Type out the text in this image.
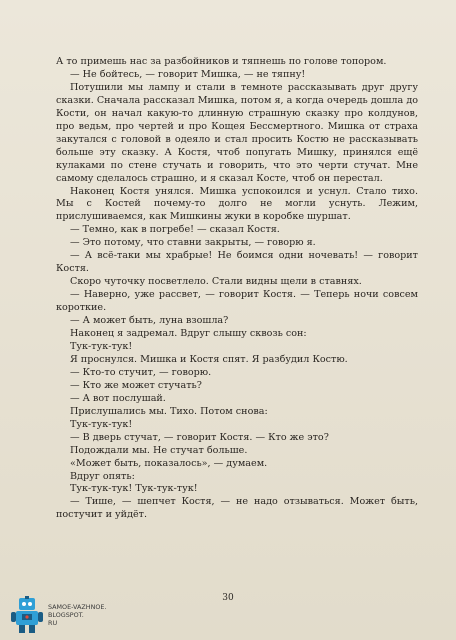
А то примешь нас за разбойников и тяпнешь по голове топором.

— Не бойтесь, — говорит Мишка, — не тяпну!

Потушили мы лампу и стали в темноте рассказывать друг другу сказки. Сначала рассказал Мишка, потом я, а когда очередь дошла до Кости, он начал какую-то длинную страшную сказку про колдунов, про ведьм, про чертей и про Кощея Бессмертного. Мишка от страха закутался с головой в одеяло и стал просить Костю не рассказывать больше эту сказку. А Костя, чтоб попугать Мишку, принялся ещё кулаками по стене стучать и говорить, что это черти стучат. Мне самому сделалось страшно, и я сказал Косте, чтоб он перестал.

Наконец Костя унялся. Мишка успокоился и уснул. Стало тихо. Мы с Костей почему-то долго не могли уснуть. Лежим, прислушиваемся, как Мишкины жуки в коробке шуршат.

— Темно, как в погребе! — сказал Костя.

— Это потому, что ставни закрыты, — говорю я.

— А всё-таки мы храбрые! Не боимся одни ночевать! — говорит Костя.

Скоро чуточку посветлело. Стали видны щели в ставнях.

— Наверно, уже рассвет, — говорит Костя. — Теперь ночи совсем короткие.

— А может быть, луна взошла?

Наконец я задремал. Вдруг слышу сквозь сон:

Тук-тук-тук!

Я проснулся. Мишка и Костя спят. Я разбудил Костю.

— Кто-то стучит, — говорю.

— Кто же может стучать?

— А вот послушай.

Прислушались мы. Тихо. Потом снова:

Тук-тук-тук!

— В дверь стучат, — говорит Костя. — Кто же это?

Подождали мы. Не стучат больше.

«Может быть, показалось», — думаем.

Вдруг опять:

Тук-тук-тук! Тук-тук-тук!

— Тише, — шепчет Костя, — не надо отзываться. Может быть, постучит и уйдёт.

30
SAMOE-VAZHNOE.
BLOGSPOT.
RU
